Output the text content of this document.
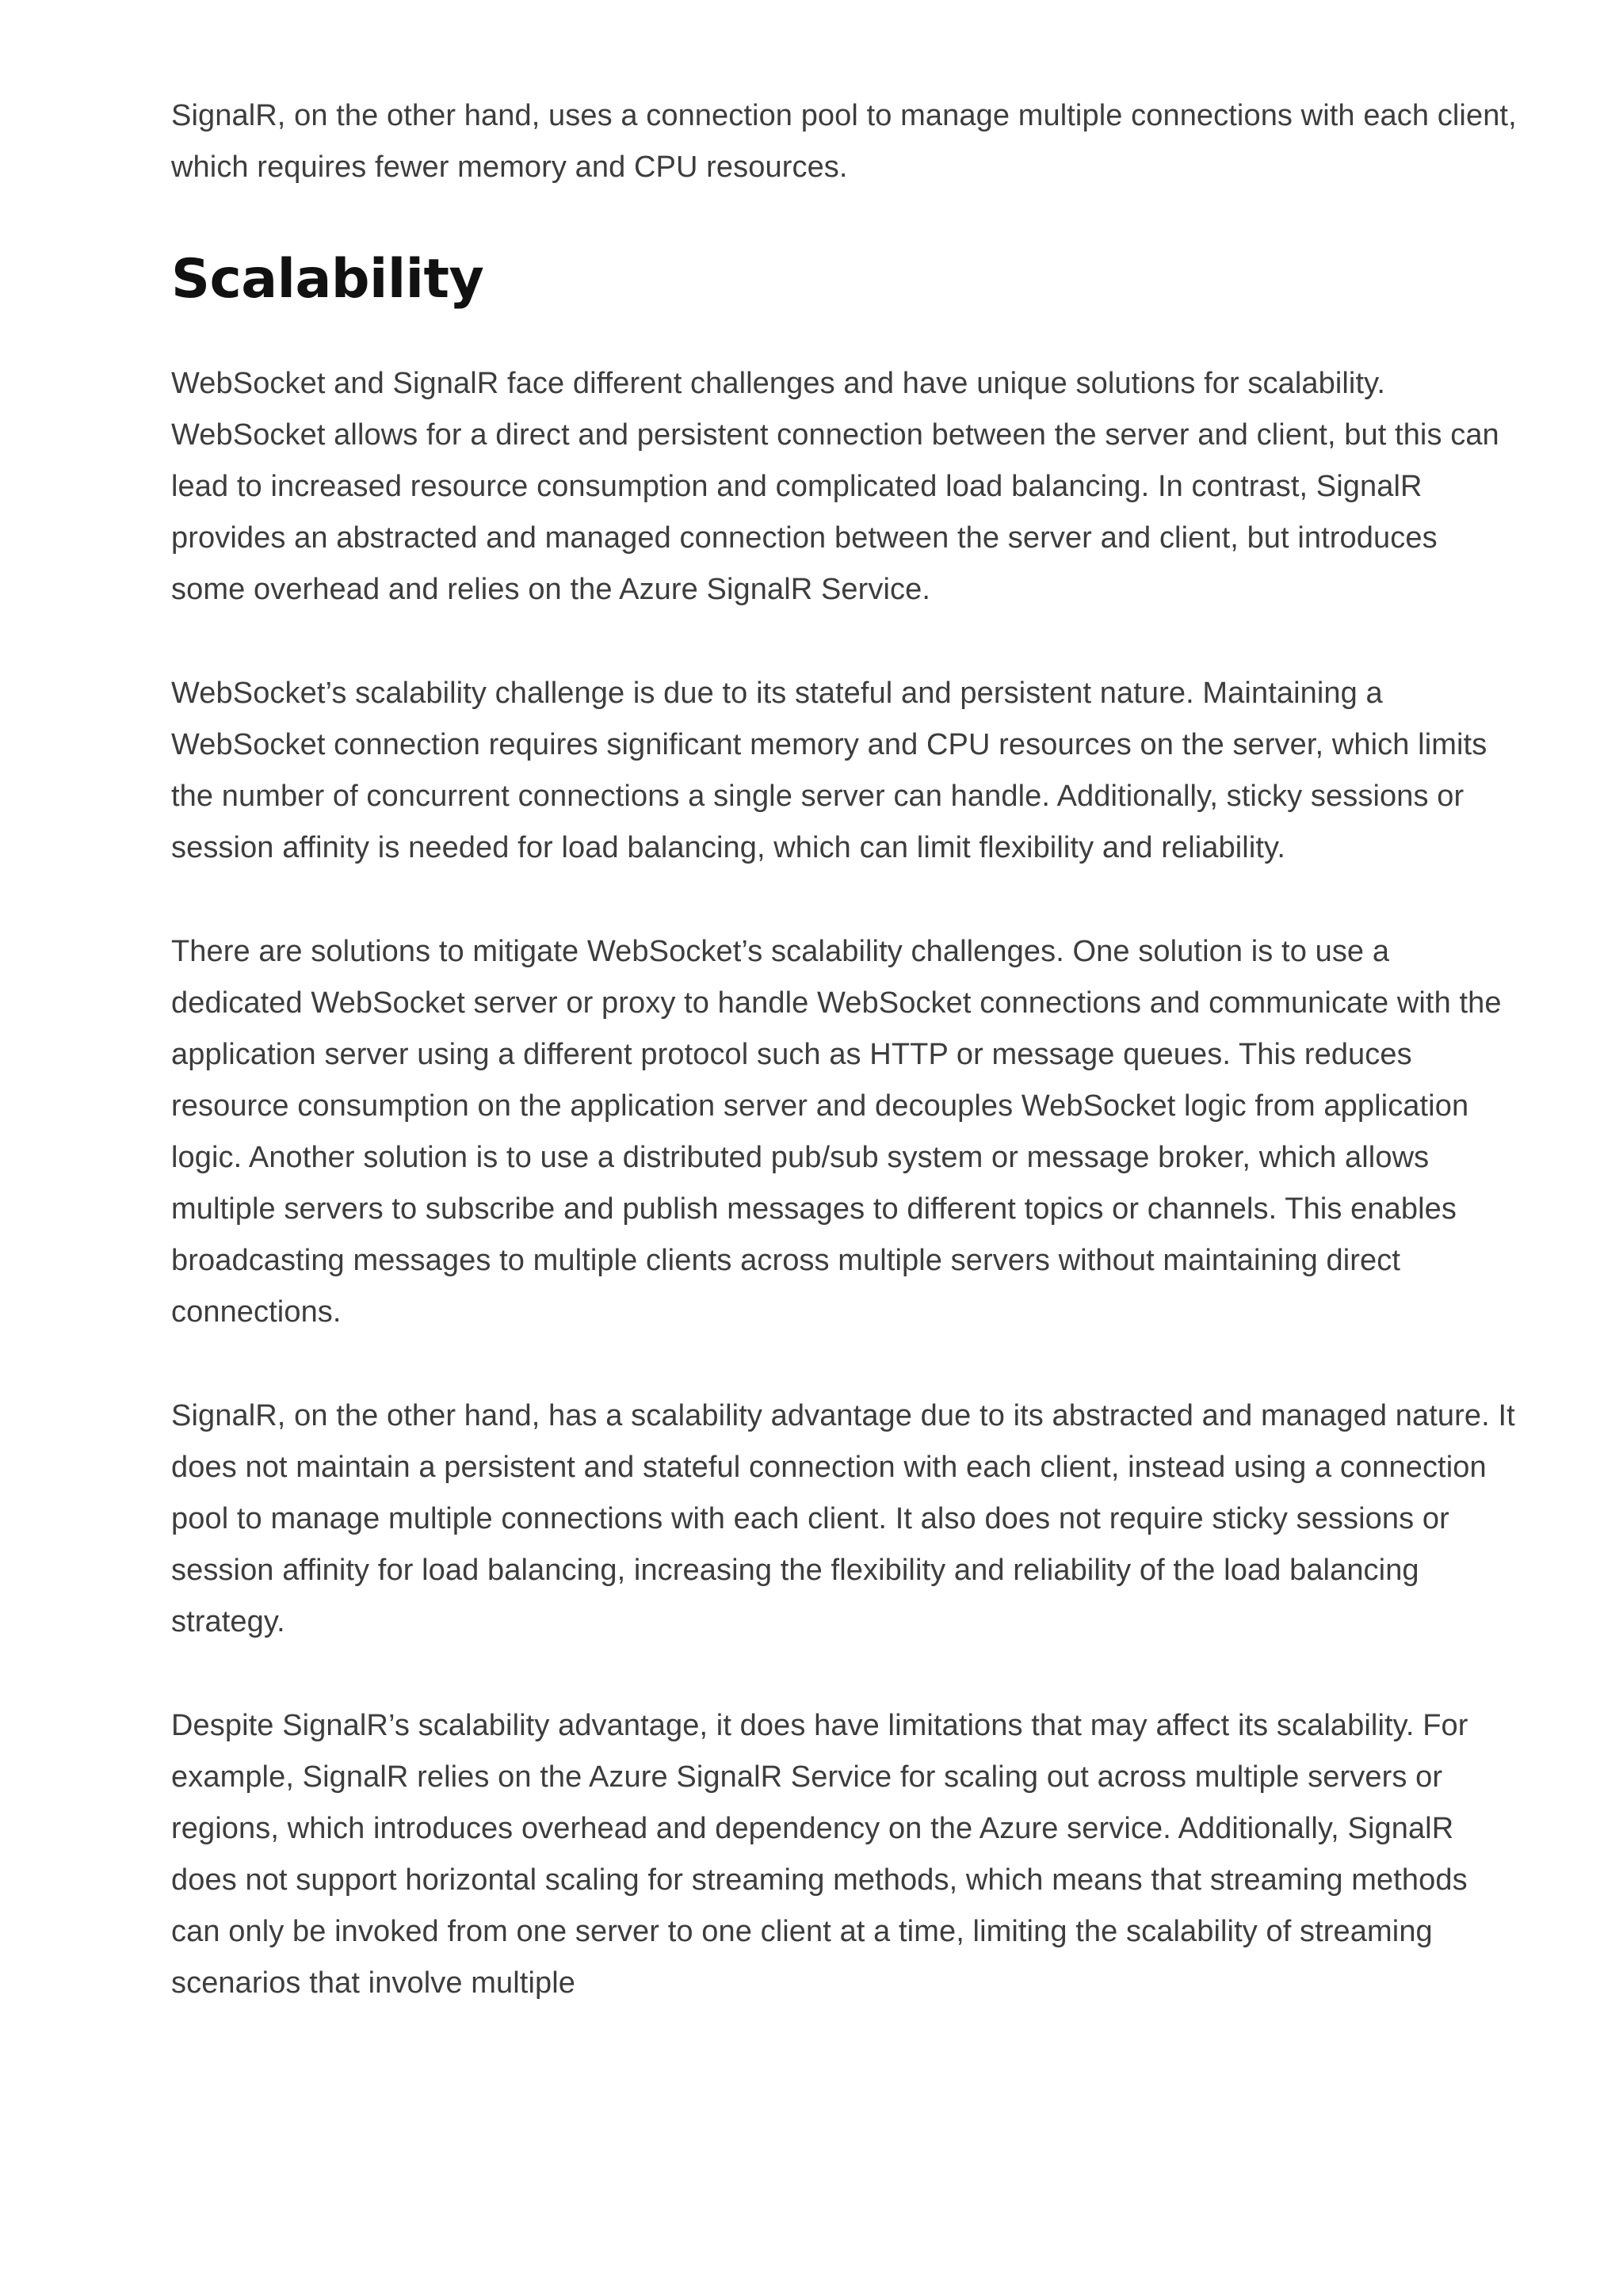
SignalR, on the other hand, uses a connection pool to manage multiple connections with each client, which requires fewer memory and CPU resources.

Scalability

WebSocket and SignalR face different challenges and have unique solutions for scalability. WebSocket allows for a direct and persistent connection between the server and client, but this can lead to increased resource consumption and complicated load balancing. In contrast, SignalR provides an abstracted and managed connection between the server and client, but introduces some overhead and relies on the Azure SignalR Service.

WebSocket’s scalability challenge is due to its stateful and persistent nature. Maintaining a WebSocket connection requires significant memory and CPU resources on the server, which limits the number of concurrent connections a single server can handle. Additionally, sticky sessions or session affinity is needed for load balancing, which can limit flexibility and reliability.

There are solutions to mitigate WebSocket’s scalability challenges. One solution is to use a dedicated WebSocket server or proxy to handle WebSocket connections and communicate with the application server using a different protocol such as HTTP or message queues. This reduces resource consumption on the application server and decouples WebSocket logic from application logic. Another solution is to use a distributed pub/sub system or message broker, which allows multiple servers to subscribe and publish messages to different topics or channels. This enables broadcasting messages to multiple clients across multiple servers without maintaining direct connections.

SignalR, on the other hand, has a scalability advantage due to its abstracted and managed nature. It does not maintain a persistent and stateful connection with each client, instead using a connection pool to manage multiple connections with each client. It also does not require sticky sessions or session affinity for load balancing, increasing the flexibility and reliability of the load balancing strategy.

Despite SignalR’s scalability advantage, it does have limitations that may affect its scalability. For example, SignalR relies on the Azure SignalR Service for scaling out across multiple servers or regions, which introduces overhead and dependency on the Azure service. Additionally, SignalR does not support horizontal scaling for streaming methods, which means that streaming methods can only be invoked from one server to one client at a time, limiting the scalability of streaming scenarios that involve multiple
